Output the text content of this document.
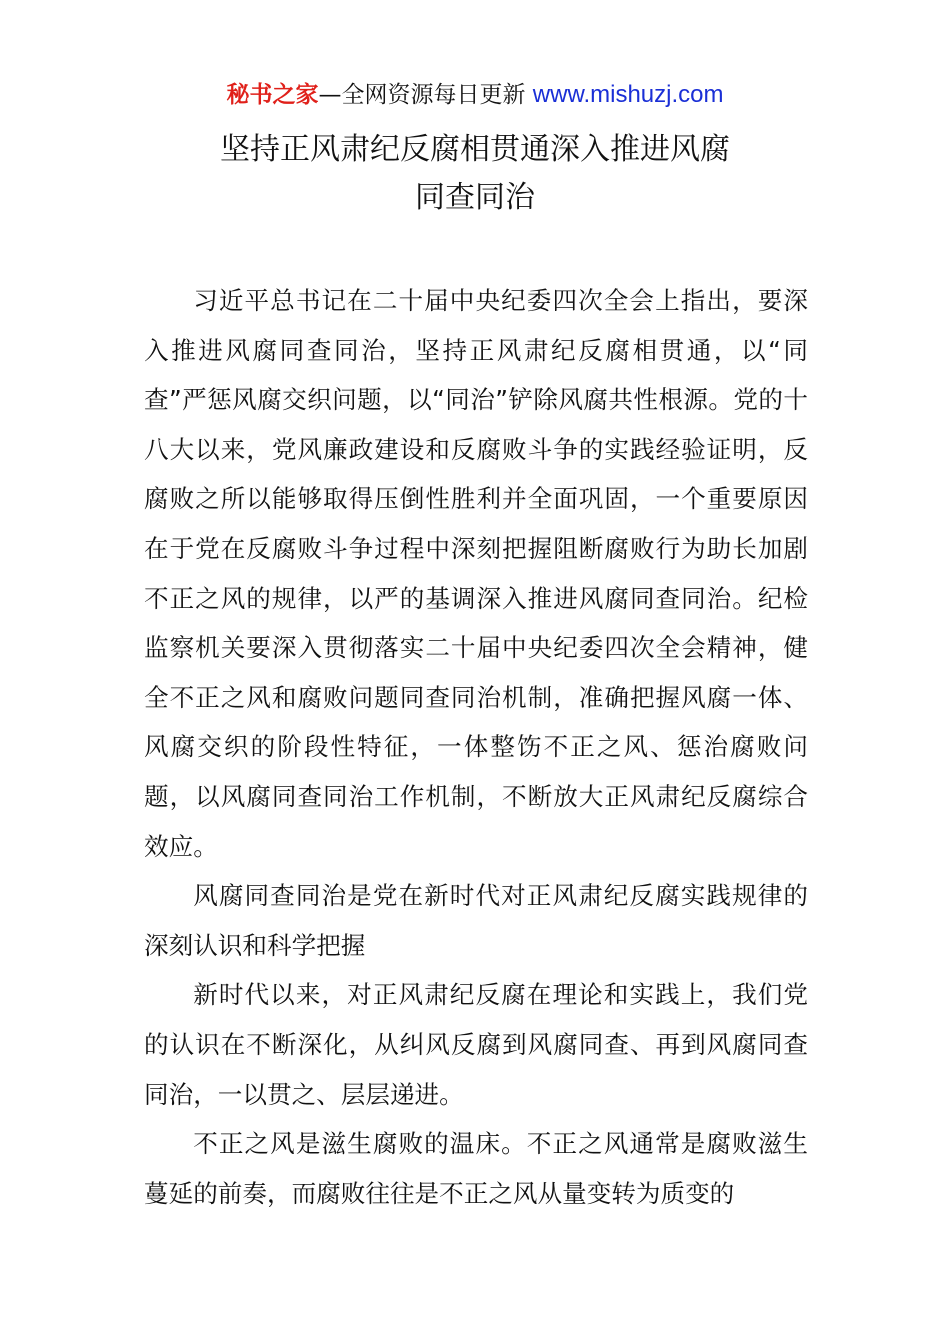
秘书之家—全网资源每日更新 www.mishuzj.com
坚持正风肃纪反腐相贯通深入推进风腐
同查同治

习近平总书记在二十届中央纪委四次全会上指出，要深入推进风腐同查同治，坚持正风肃纪反腐相贯通，以“同查”严惩风腐交织问题，以“同治”铲除风腐共性根源。党的十八大以来，党风廉政建设和反腐败斗争的实践经验证明，反腐败之所以能够取得压倒性胜利并全面巩固，一个重要原因在于党在反腐败斗争过程中深刻把握阻断腐败行为助长加剧不正之风的规律，以严的基调深入推进风腐同查同治。纪检监察机关要深入贯彻落实二十届中央纪委四次全会精神，健全不正之风和腐败问题同查同治机制，准确把握风腐一体、风腐交织的阶段性特征，一体整饬不正之风、惩治腐败问题，以风腐同查同治工作机制，不断放大正风肃纪反腐综合效应。

风腐同查同治是党在新时代对正风肃纪反腐实践规律的深刻认识和科学把握

新时代以来，对正风肃纪反腐在理论和实践上，我们党的认识在不断深化，从纠风反腐到风腐同查、再到风腐同查同治，一以贯之、层层递进。

不正之风是滋生腐败的温床。不正之风通常是腐败滋生蔓延的前奏，而腐败往往是不正之风从量变转为质变的
